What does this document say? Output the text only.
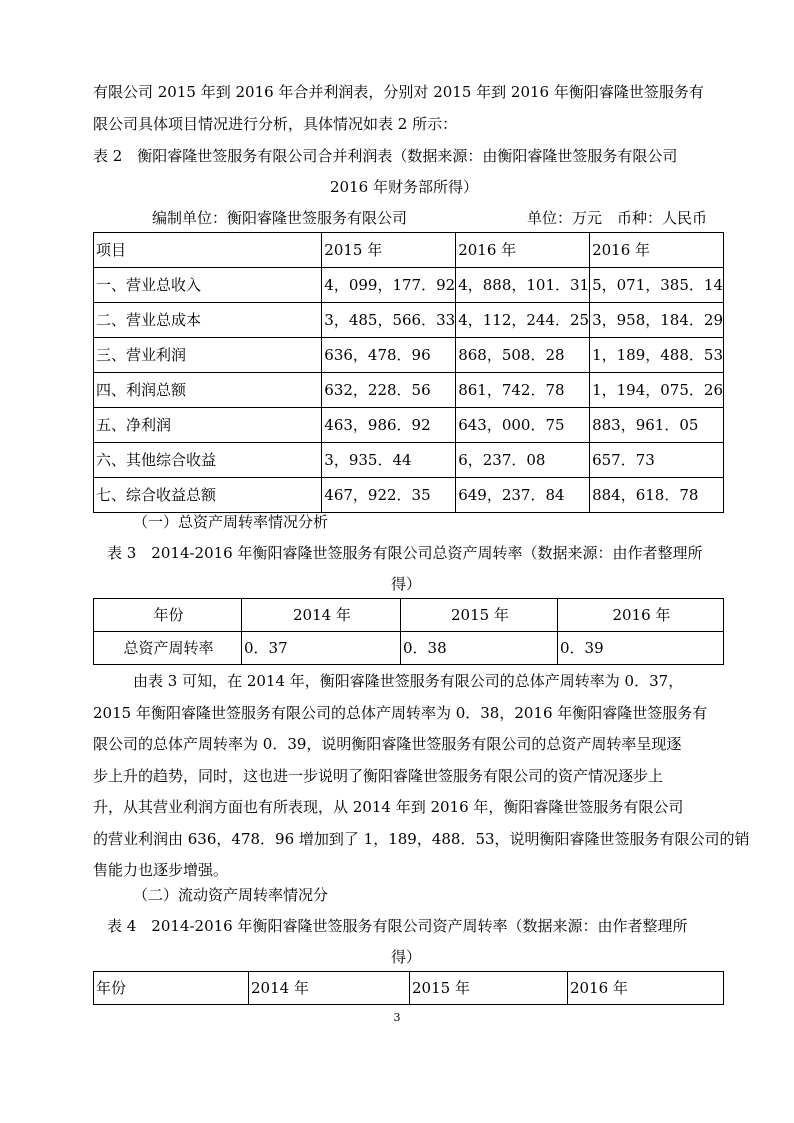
有限公司 2015 年到 2016 年合并利润表，分别对 2015 年到 2016 年衡阳睿隆世签服务有
限公司具体项目情况进行分析，具体情况如表 2 所示：
表 2　衡阳睿隆世签服务有限公司合并利润表（数据来源：由衡阳睿隆世签服务有限公司
2016 年财务部所得）
编制单位：衡阳睿隆世签服务有限公司	单位：万元　币种：人民币
项目	2015 年	2016 年	2016 年
一、营业总收入	4，099，177．92	4，888，101．31	5，071，385．14
二、营业总成本	3，485，566．33	4，112，244．25	3，958，184．29
三、营业利润	636，478．96	868，508．28	1，189，488．53
四、利润总额	632，228．56	861，742．78	1，194，075．26
五、净利润	463，986．92	643，000．75	883，961．05
六、其他综合收益	3，935．44	6，237．08	657．73
七、综合收益总额	467，922．35	649，237．84	884，618．78
（一）总资产周转率情况分析
表 3　2014-2016 年衡阳睿隆世签服务有限公司总资产周转率（数据来源：由作者整理所
得）
年份	2014 年	2015 年	2016 年
总资产周转率	0．37	0．38	0．39
由表 3 可知，在 2014 年，衡阳睿隆世签服务有限公司的总体产周转率为 0．37，
2015 年衡阳睿隆世签服务有限公司的总体产周转率为 0．38，2016 年衡阳睿隆世签服务有
限公司的总体产周转率为 0．39，说明衡阳睿隆世签服务有限公司的总资产周转率呈现逐
步上升的趋势，同时，这也进一步说明了衡阳睿隆世签服务有限公司的资产情况逐步上
升，从其营业利润方面也有所表现，从 2014 年到 2016 年，衡阳睿隆世签服务有限公司
的营业利润由 636，478．96 增加到了 1，189，488．53，说明衡阳睿隆世签服务有限公司的销
售能力也逐步增强。
（二）流动资产周转率情况分
表 4　2014-2016 年衡阳睿隆世签服务有限公司资产周转率（数据来源：由作者整理所
得）
年份	2014 年	2015 年	2016 年
3
